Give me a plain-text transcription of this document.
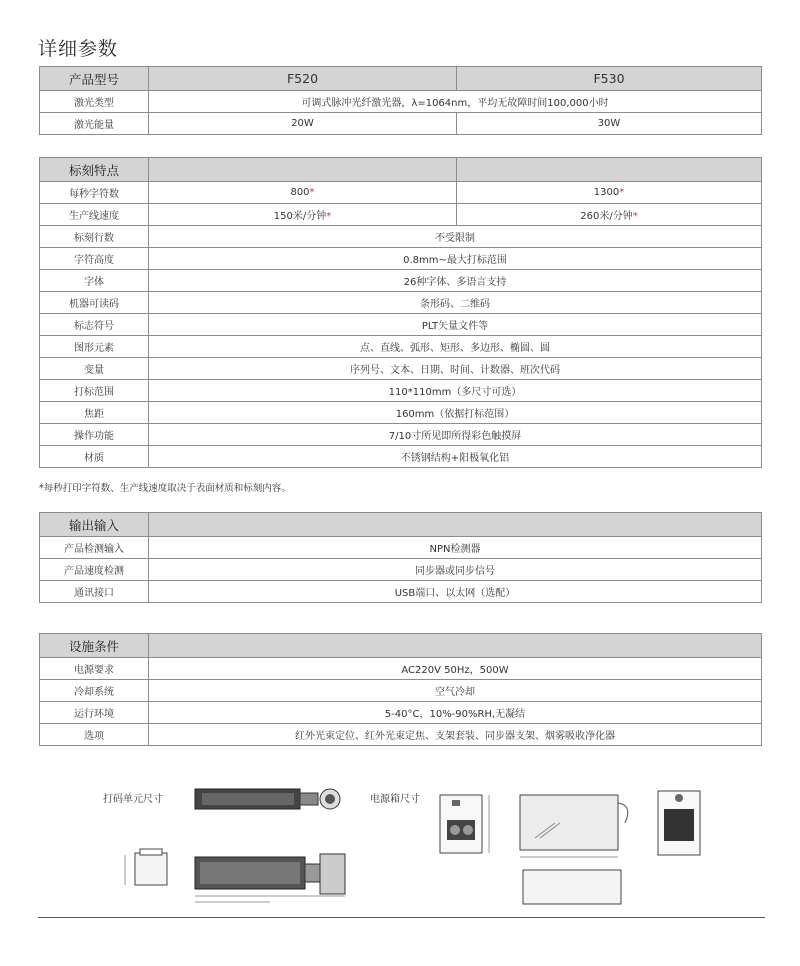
详细参数
产品型号	F520	F530
激光类型	可调式脉冲光纤激光器，λ=1064nm，平均无故障时间100,000小时	
激光能量	20W	30W
标刻特点		
每秒字符数	800*	1300*
生产线速度	150米/分钟*	260米/分钟*
标刻行数	不受限制	
字符高度	0.8mm~最大打标范围	
字体	26种字体、多语言支持	
机器可读码	条形码、二维码	
标志符号	PLT矢量文件等	
图形元素	点、直线、弧形、矩形、多边形、椭圆、圆	
变量	序列号、文本、日期、时间、计数器、班次代码	
打标范围	110*110mm（多尺寸可选）	
焦距	160mm（依据打标范围）	
操作功能	7/10寸所见即所得彩色触摸屏	
材质	不锈钢结构+阳极氧化铝	
*每秒打印字符数、生产线速度取决于表面材质和标刻内容。
输出输入	
产品检测输入	NPN检测器
产品速度检测	同步器或同步信号
通讯接口	USB端口、以太网（选配）
设施条件	
电源要求	AC220V 50Hz，500W
冷却系统	空气冷却
运行环境	5-40°C，10%-90%RH,无凝结
选项	红外光束定位、红外光束定焦、支架套装、同步器支架、烟雾吸收净化器
打码单元尺寸	电源箱尺寸
